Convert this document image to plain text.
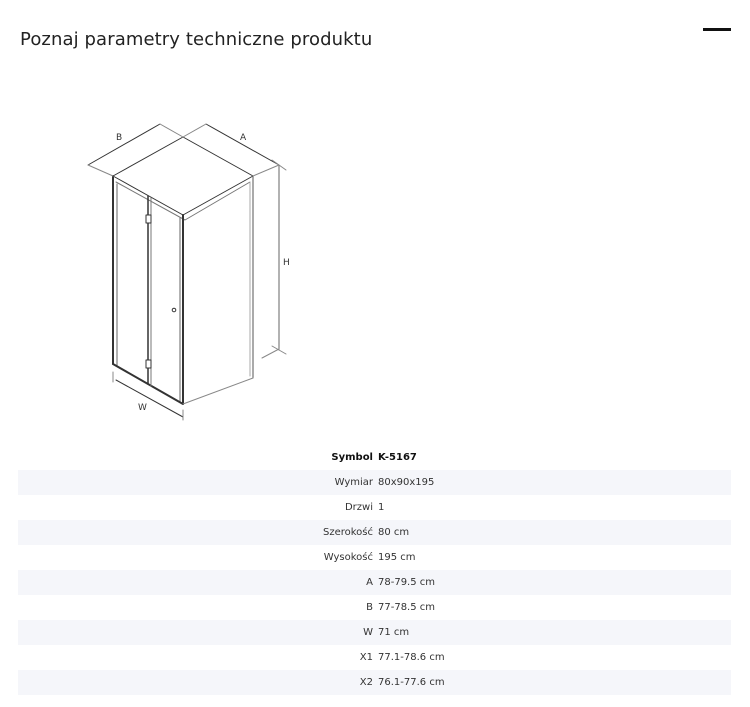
Poznaj parametry techniczne produktu
B	A
H
W
Symbol	K-5167
Wymiar	80x90x195
Drzwi	1
Szerokość	80 cm
Wysokość	195 cm
A	78-79.5 cm
B	77-78.5 cm
W	71 cm
X1	77.1-78.6 cm
X2	76.1-77.6 cm
